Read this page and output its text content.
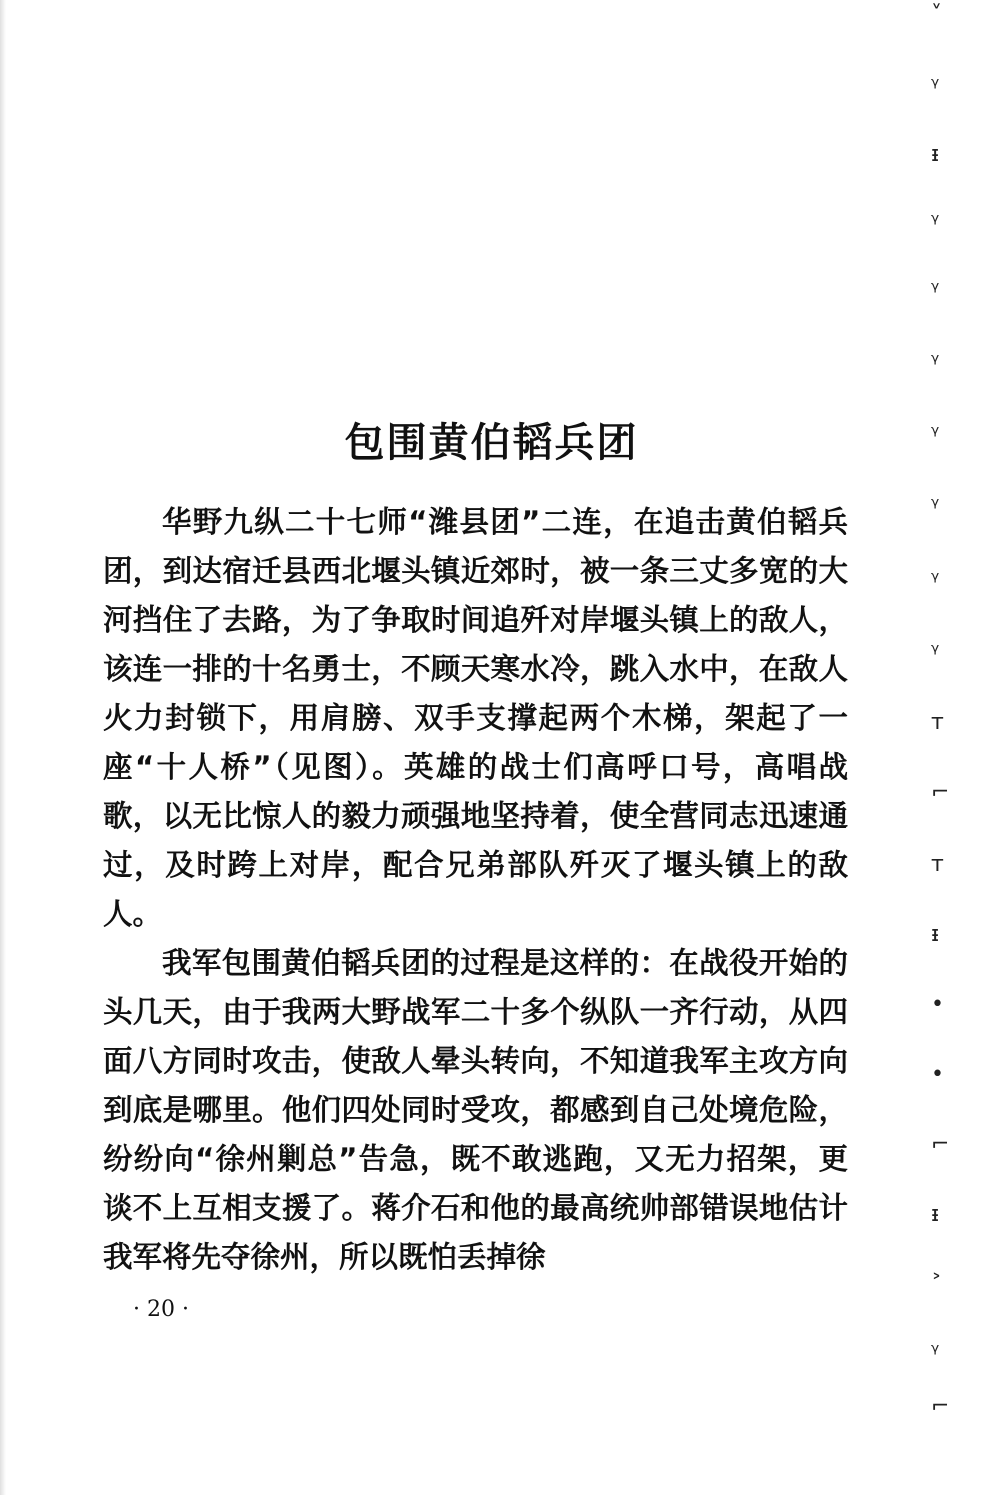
包围黄伯韬兵团

华野九纵二十七师“潍县团”二连，在追击黄伯韬兵团，到达宿迁县西北堰头镇近郊时，被一条三丈多宽的大河挡住了去路，为了争取时间追歼对岸堰头镇上的敌人，该连一排的十名勇士，不顾天寒水冷，跳入水中，在敌人火力封锁下，用肩膀、双手支撑起两个木梯，架起了一座“十人桥”（见图）。英雄的战士们高呼口号，高唱战歌，以无比惊人的毅力顽强地坚持着，使全营同志迅速通过，及时跨上对岸，配合兄弟部队歼灭了堰头镇上的敌人。

我军包围黄伯韬兵团的过程是这样的：在战役开始的头几天，由于我两大野战军二十多个纵队一齐行动，从四面八方同时攻击，使敌人晕头转向，不知道我军主攻方向到底是哪里。他们四处同时受攻，都感到自己处境危险，纷纷向“徐州剿总”告急，既不敢逃跑，又无力招架，更谈不上互相支援了。蒋介石和他的最高统帅部错误地估计我军将先夺徐州，所以既怕丢掉徐

· 20 ·
˅
ᵞ
ᵻ
ᵞ
ᵞ
ᵞ
ᵞ
ᵞ
ᵞ
ᵞ
ᴛ
⌐
ᴛ
ᵻ
•
•
⌐
ᵻ
˃
ᵞ
⌐
